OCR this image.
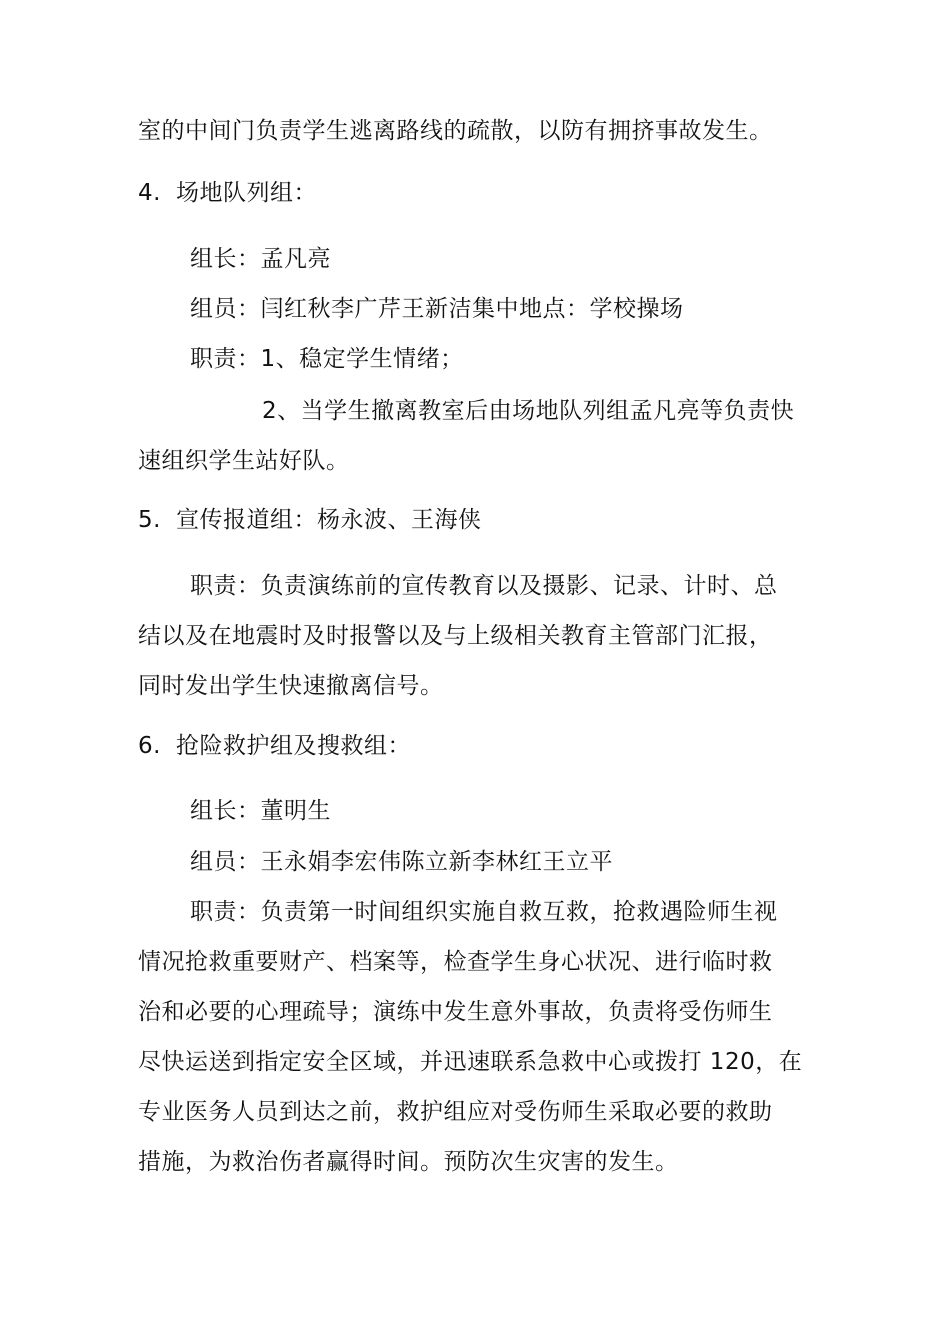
室的中间门负责学生逃离路线的疏散，以防有拥挤事故发生。
4. 场地队列组：
组长：孟凡亮
组员：闫红秋李广芹王新洁集中地点：学校操场
职责：1、稳定学生情绪；
2、当学生撤离教室后由场地队列组孟凡亮等负责快
速组织学生站好队。
5. 宣传报道组：杨永波、王海侠
职责：负责演练前的宣传教育以及摄影、记录、计时、总
结以及在地震时及时报警以及与上级相关教育主管部门汇报，
同时发出学生快速撤离信号。
6. 抢险救护组及搜救组：
组长：董明生
组员：王永娟李宏伟陈立新李林红王立平
职责：负责第一时间组织实施自救互救，抢救遇险师生视
情况抢救重要财产、档案等，检查学生身心状况、进行临时救
治和必要的心理疏导；演练中发生意外事故，负责将受伤师生
尽快运送到指定安全区域，并迅速联系急救中心或拨打 120，在
专业医务人员到达之前，救护组应对受伤师生采取必要的救助
措施，为救治伤者赢得时间。预防次生灾害的发生。
